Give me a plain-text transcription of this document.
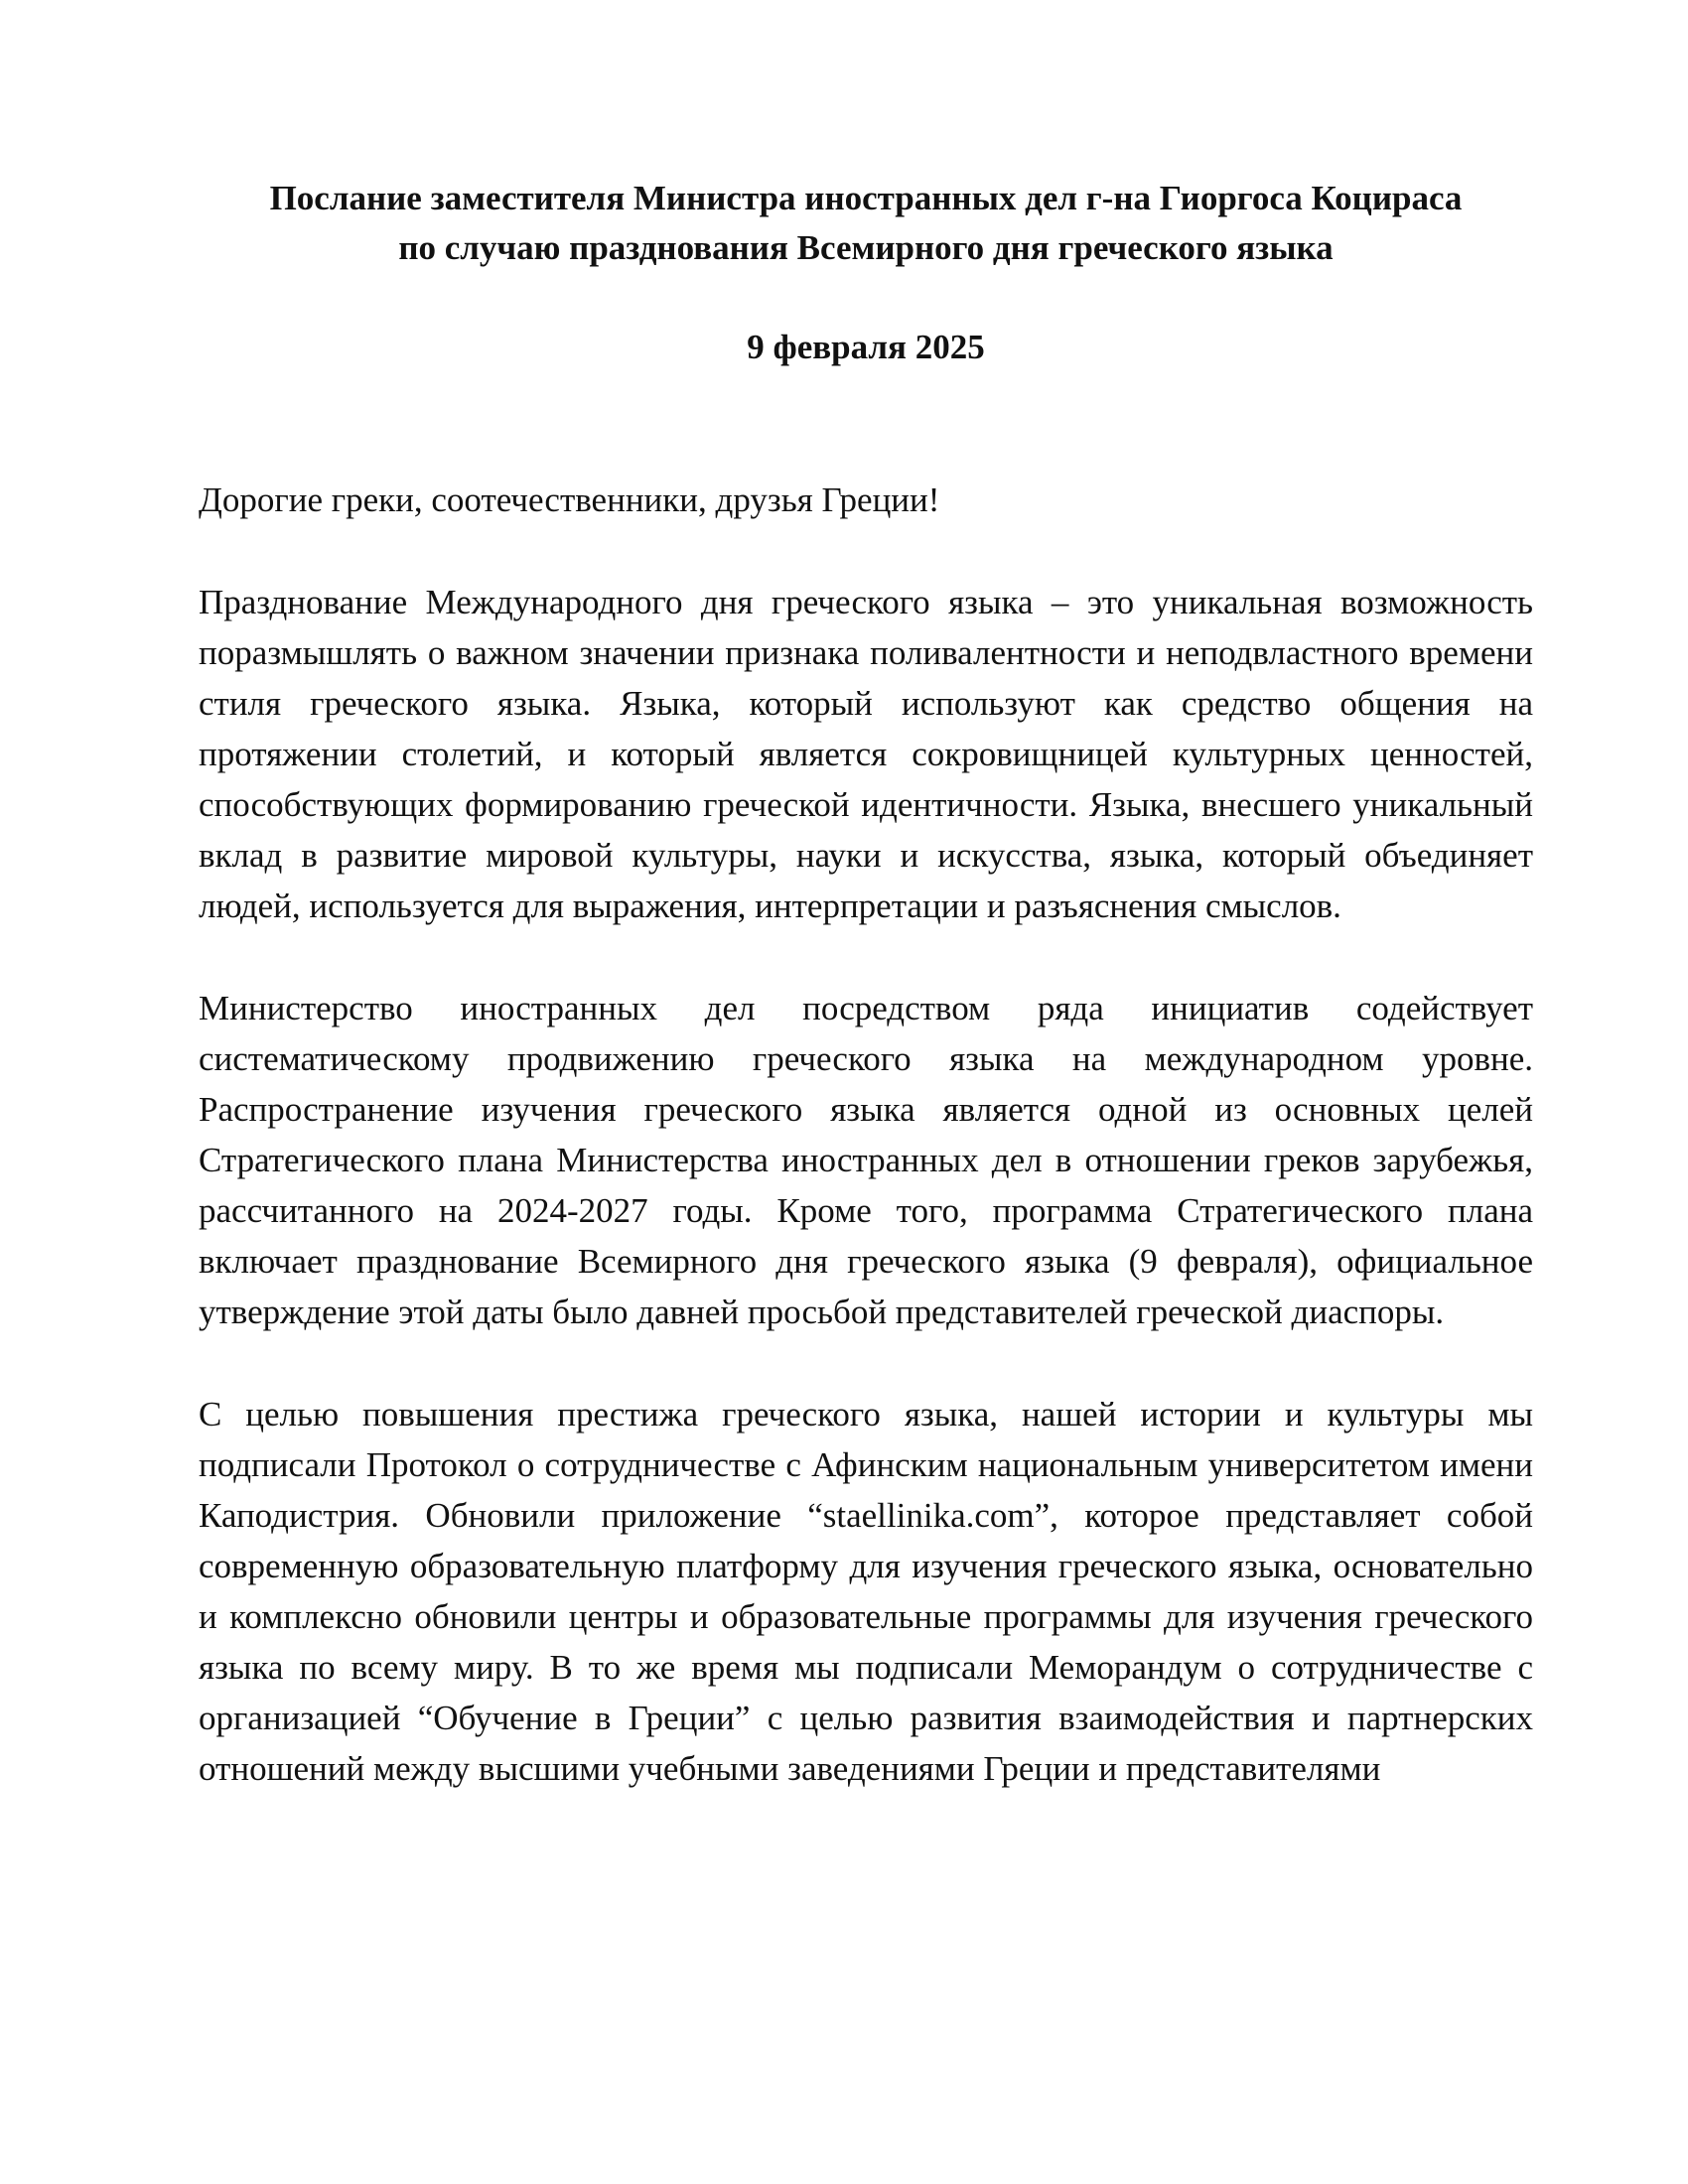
Послание заместителя Министра иностранных дел г-на Гиоргоса Коцираса
по случаю празднования Всемирного дня греческого языка

9 февраля 2025

Дорогие греки, соотечественники, друзья Греции!

Празднование Международного дня греческого языка – это уникальная возможность поразмышлять о важном значении признака поливалентности и неподвластного времени стиля греческого языка. Языка, который используют как средство общения на протяжении столетий, и который является сокровищницей культурных ценностей, способствующих формированию греческой идентичности. Языка, внесшего уникальный вклад в развитие мировой культуры, науки и искусства, языка, который объединяет людей, используется для выражения, интерпретации и разъяснения смыслов.

Министерство иностранных дел посредством ряда инициатив содействует систематическому продвижению греческого языка на международном уровне. Распространение изучения греческого языка является одной из основных целей Стратегического плана Министерства иностранных дел в отношении греков зарубежья, рассчитанного на 2024-2027 годы. Кроме того, программа Стратегического плана включает празднование Всемирного дня греческого языка (9 февраля), официальное утверждение этой даты было давней просьбой представителей греческой диаспоры.

С целью повышения престижа греческого языка, нашей истории и культуры мы подписали Протокол о сотрудничестве с Афинским национальным университетом имени Каподистрия. Обновили приложение “staellinika.com”, которое представляет собой современную образовательную платформу для изучения греческого языка, основательно и комплексно обновили центры и образовательные программы для изучения греческого языка по всему миру. В то же время мы подписали Меморандум о сотрудничестве с организацией “Обучение в Греции” с целью развития взаимодействия и партнерских отношений между высшими учебными заведениями Греции и представителями
